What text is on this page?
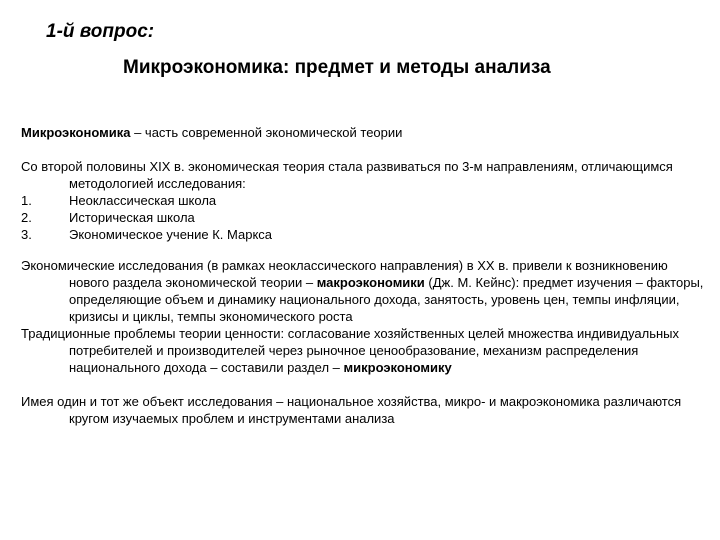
1-й вопрос:
Микроэкономика: предмет и методы анализа

Микроэкономика – часть современной экономической теории

Со второй половины XIX в. экономическая теория стала развиваться по 3-м направлениям, отличающимся методологией исследования:

1.	Неоклассическая школа
2.	Историческая школа
3.	Экономическое учение К. Маркса

Экономические исследования (в рамках неоклассического направления) в XX в. привели к возникновению нового раздела экономической теории – макроэкономики (Дж. М. Кейнс): предмет изучения – факторы, определяющие объем и динамику национального дохода, занятость, уровень цен, темпы инфляции, кризисы и циклы, темпы экономического роста

Традиционные проблемы теории ценности: согласование хозяйственных целей множества индивидуальных потребителей и производителей через рыночное ценообразование, механизм распределения национального дохода – составили раздел – микроэкономику

Имея один и тот же объект исследования – национальное хозяйства, микро- и макроэкономика различаются кругом изучаемых проблем и инструментами анализа
